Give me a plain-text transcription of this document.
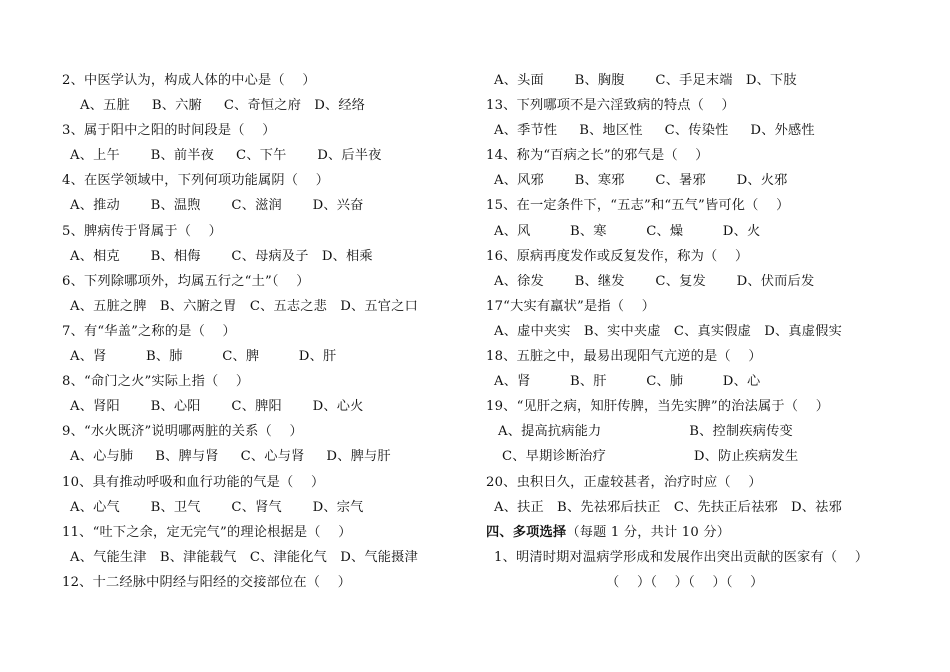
2、中医学认为，构成人体的中心是（    ）
A、五脏     B、六腑     C、奇恒之府   D、经络
3、属于阳中之阳的时间段是（    ）
A、上午       B、前半夜     C、下午       D、后半夜
4、在医学领域中，下列何项功能属阴（    ）
A、推动       B、温煦       C、滋润       D、兴奋
5、脾病传于肾属于（    ）
A、相克       B、相侮       C、母病及子   D、相乘
6、下列除哪项外，均属五行之“土”（    ）
A、五脏之脾   B、六腑之胃   C、五志之悲   D、五官之口
7、有“华盖”之称的是（    ）
A、肾         B、肺         C、脾         D、肝
8、“命门之火”实际上指（    ）
A、肾阳       B、心阳       C、脾阳       D、心火
9、“水火既济”说明哪两脏的关系（    ）
A、心与肺     B、脾与肾     C、心与肾     D、脾与肝
10、具有推动呼吸和血行功能的气是（    ）
A、心气       B、卫气       C、肾气       D、宗气
11、“吐下之余，定无完气”的理论根据是（    ）
A、气能生津   B、津能载气   C、津能化气   D、气能摄津
12、十二经脉中阴经与阳经的交接部位在（    ）
A、头面       B、胸腹       C、手足末端   D、下肢
13、下列哪项不是六淫致病的特点（    ）
A、季节性     B、地区性     C、传染性     D、外感性
14、称为“百病之长”的邪气是（    ）
A、风邪       B、寒邪       C、暑邪       D、火邪
15、在一定条件下，“五志”和“五气”皆可化（    ）
A、风         B、寒         C、燥         D、火
16、原病再度发作或反复发作，称为（    ）
A、徐发       B、继发       C、复发       D、伏而后发
17“大实有羸状”是指（    ）
A、虚中夹实   B、实中夹虚   C、真实假虚   D、真虚假实
18、五脏之中，最易出现阳气亢逆的是（    ）
A、肾         B、肝         C、肺         D、心
19、“见肝之病，知肝传脾，当先实脾”的治法属于（    ）
A、提高抗病能力                    B、控制疾病传变
C、早期诊断治疗                    D、防止疾病发生
20、虫积日久，正虚较甚者，治疗时应（    ）
A、扶正   B、先祛邪后扶正   C、先扶正后祛邪   D、祛邪
四、多项选择（每题 1 分，共计 10 分）
1、明清时期对温病学形成和发展作出突出贡献的医家有（    ）
（    ）（    ）（    ）（    ）
